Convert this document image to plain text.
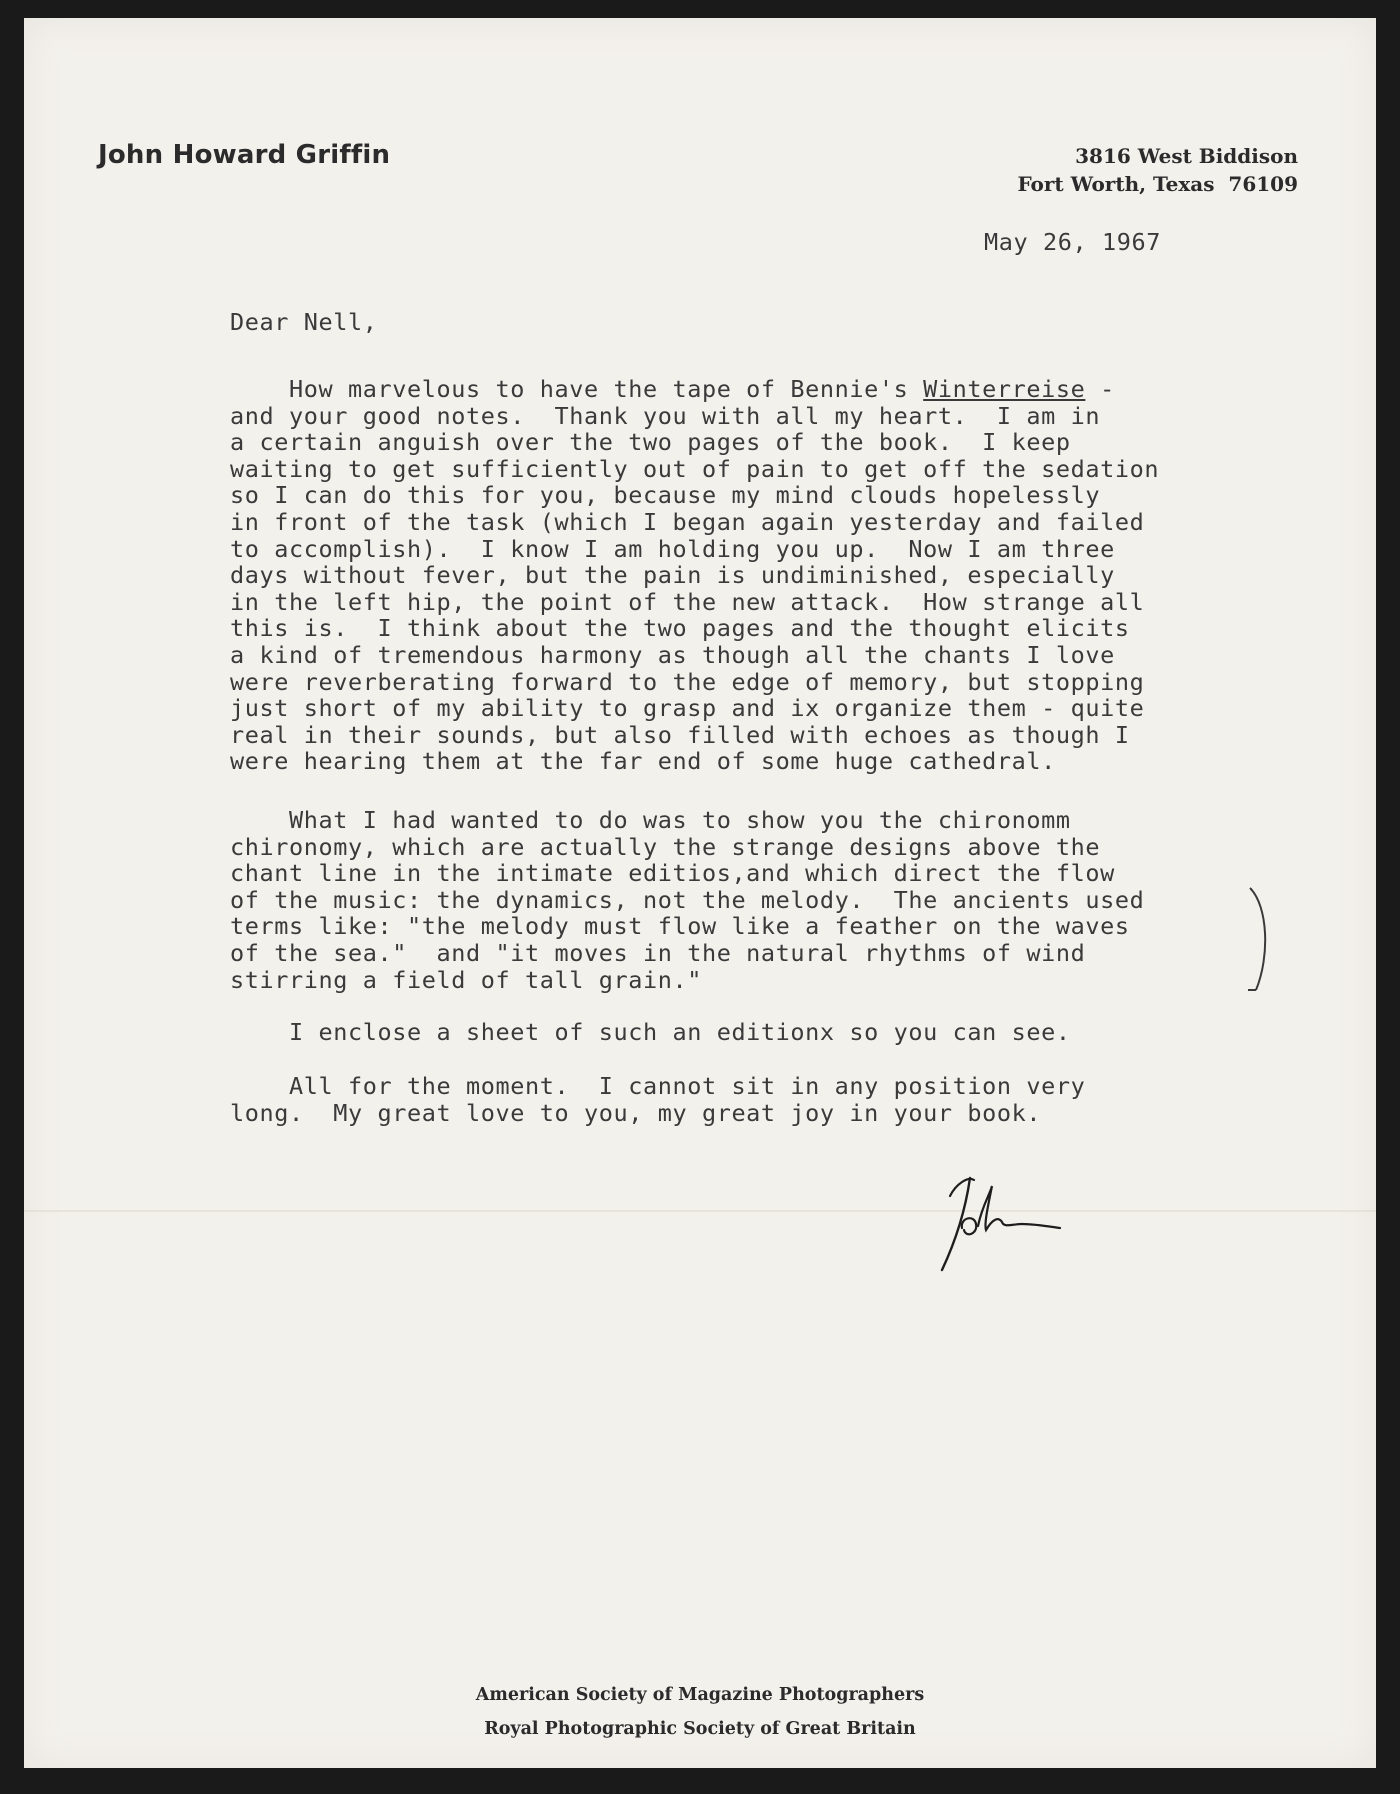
John Howard Griffin	3816 West Biddison
Fort Worth, Texas  76109
May 26, 1967
Dear Nell,
How marvelous to have the tape of Bennie's Winterreise -
and your good notes.  Thank you with all my heart.  I am in
a certain anguish over the two pages of the book.  I keep
waiting to get sufficiently out of pain to get off the sedation
so I can do this for you, because my mind clouds hopelessly
in front of the task (which I began again yesterday and failed
to accomplish).  I know I am holding you up.  Now I am three
days without fever, but the pain is undiminished, especially
in the left hip, the point of the new attack.  How strange all
this is.  I think about the two pages and the thought elicits
a kind of tremendous harmony as though all the chants I love
were reverberating forward to the edge of memory, but stopping
just short of my ability to grasp and ix organize them - quite
real in their sounds, but also filled with echoes as though I
were hearing them at the far end of some huge cathedral.
What I had wanted to do was to show you the chironomm
chironomy, which are actually the strange designs above the
chant line in the intimate editios,and which direct the flow
of the music: the dynamics, not the melody.  The ancients used
terms like: "the melody must flow like a feather on the waves
of the sea."  and "it moves in the natural rhythms of wind
stirring a field of tall grain."
I enclose a sheet of such an editionx so you can see.
All for the moment.  I cannot sit in any position very
long.  My great love to you, my great joy in your book.
American Society of Magazine Photographers
Royal Photographic Society of Great Britain
